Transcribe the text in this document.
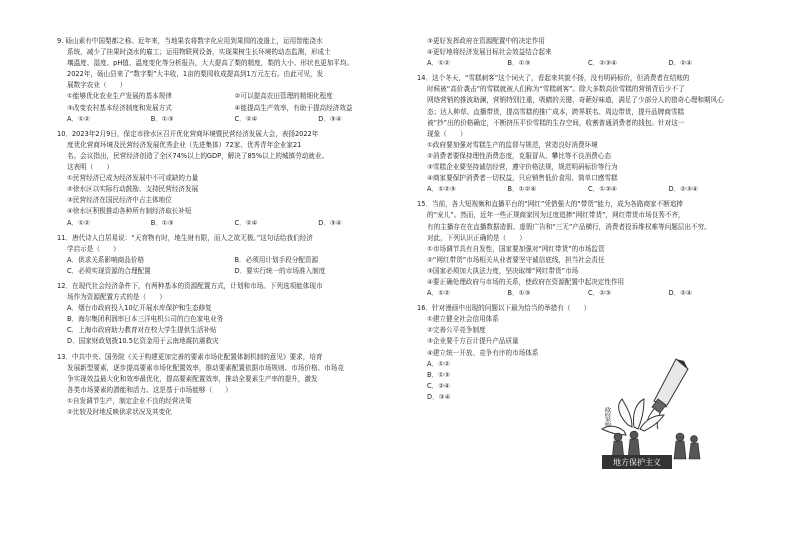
9. 砀山素有中国梨都之称。近年来，当地果农将数字化应用到果园的凌遏上，运用智能浇水
系统，减少了挂果时浇水的雇工；运用物联网设备，实现果树生长环境的动态监测，形成土
壤温度、湿度、pH值、温度变化等分析报告，大大提高了梨的精度，梨的大小、形状也更加平均。
2022年，砀山县来了“数字梨”大丰收，1亩的梨园收成提高到1万元左右。由此可见，发
展数字农业（　　）
①能够优化农业生产发展的基本规律	②可以提高农田管理的精细化程度
③改变农村基本经济制度和发展方式	④能提高生产效率，有助于提高经济效益
A．①②	B．①③	C．②④	D．③④
10．2023年2月9日，保定市徐水区召开优化营商环境暨民营经济发展大会，表扬2022年
度优化营商环境及民营经济发展优秀企业（先进集体）72家、优秀青年企业家21
名。会议指出，民营经济创造了全区74%以上的GDP，解决了85%以上的城镇劳动就业。
这表明（　　）
①民营经济已成为经济发展中不可或缺的力量
②徐水区以实际行动鼓励、支持民营经济发展
③民营经济在国民经济中占主体地位
④徐水区积极推动各种所有制经济取长补短
A．①②	B．①③	C．②④	D．③④
11．唐代诗人白居易说：“天育物有时，地生财有限，而人之欲无极。”这句话给我们经济
学启示是（　　）
A．供求关系影响商品价格	B．必须用计划手段分配资源
C．必须实现资源的合理配置	D．要实行统一的市场准入制度
12．在现代社会经济条件下，有两种基本的资源配置方式，计划和市场。下列选项能体现市
场作为资源配置方式的是（　　）
A．烟台市政府投入10亿开展水库保护和生态修复
B．海尔集团利润率日本三洋电机公司的白色家电业务
C．上海市政府助力教育对在校大学生提供生活补贴
D．国家财政划拨10.5亿资金用于云南地震抗震救灾
13．中共中央、国务院《关于构建更加完善的要素市场化配置体制机制的意见》要求，培育
发展新型要素，逐步提高要素市场化配置效率，推动要素配置依据市场规则、市场价格、市场竞
争实现效益最大化和效率最优化，提高要素配置效率，推动全要素生产率的提升，激发
各类市场要素的潜能和活力。这是基于市场能够（　　）
①自发调节生产，制定企业不良的经营决策
②比较及时地反映供求状况及其变化
③更好发挥政府在资源配置中的决定作用
④更好地将经济发展目标社会效益结合起来
A．①②	B．①③	C．②③④	D．②④
14．这个冬天，“雪糕刺客”这个词火了，看起来其貌不扬，没有明码标价，但消费者在结账的
时候被“高价袭击”的雪糕就被人们称为“雪糕刺客”。除大多数高价雪糕的营销背后少不了
网络营销的推波助澜，营销特别注重，吸睛的关键、奇葩好味道，满足了少部分人的猎奇心理和期风心
态；达人种草、直播带货，提高雪糕的推广成本，跨界联名、周边带货，提升品牌商雪糕
被“抄”出的价格确定，不断挤压平价雪糕的生存空间，收割普通消费者的钱包。针对这一
现象（　　）
①政府要加强对雪糕生产的监督与规范，营造良好消费环境
②消费者要保持理性消费态度，克服冒从、攀比等不良消费心态
③雪糕企业要坚持诚信经营，遵守价格法规，规范明码标价等行为
④商家要保护消费者一切权益，只应销售低价食用、简单口感雪糕
A．①②③	B．①②④	C．①③④	D．②③④
15．当前，各大短视频和直播平台的“网红”凭借强大的“带货”能力，成为各路商家不断追捧
的“宠儿”。然而，近年一些正规商家因为过度追捧“网红带货”，网红带货市场良莠不齐，
有的主播存在在直播数据造假、虚假广告和“三无”产品横行，消费者投诉维权难等问题层出不穷。
对此，下列认识正确的是（　　）
①市场调节具有自发性，国家要加强对“网红带货”的市场监管
②“网红带货”市场相关从业者要坚守诚信底线，担当社会责任
③国家必须加大执法力度，坚决取缔“网红带货”市场
④要正确处理政府与市场的关系，使政府在资源配置中起决定性作用
A．①②	B．①③	C．②③	D．②④
16．针对漫画中出现的问题以下最为恰当的举措有（　　）
①建立健全社会信用体系
②完善公平竞争制度
③企业要千方百计提升产品质量
④建立统一开放、竞争有序的市场体系
A．①②
B．①③
C．②④
D．③④
政府采购
地方保护主义
